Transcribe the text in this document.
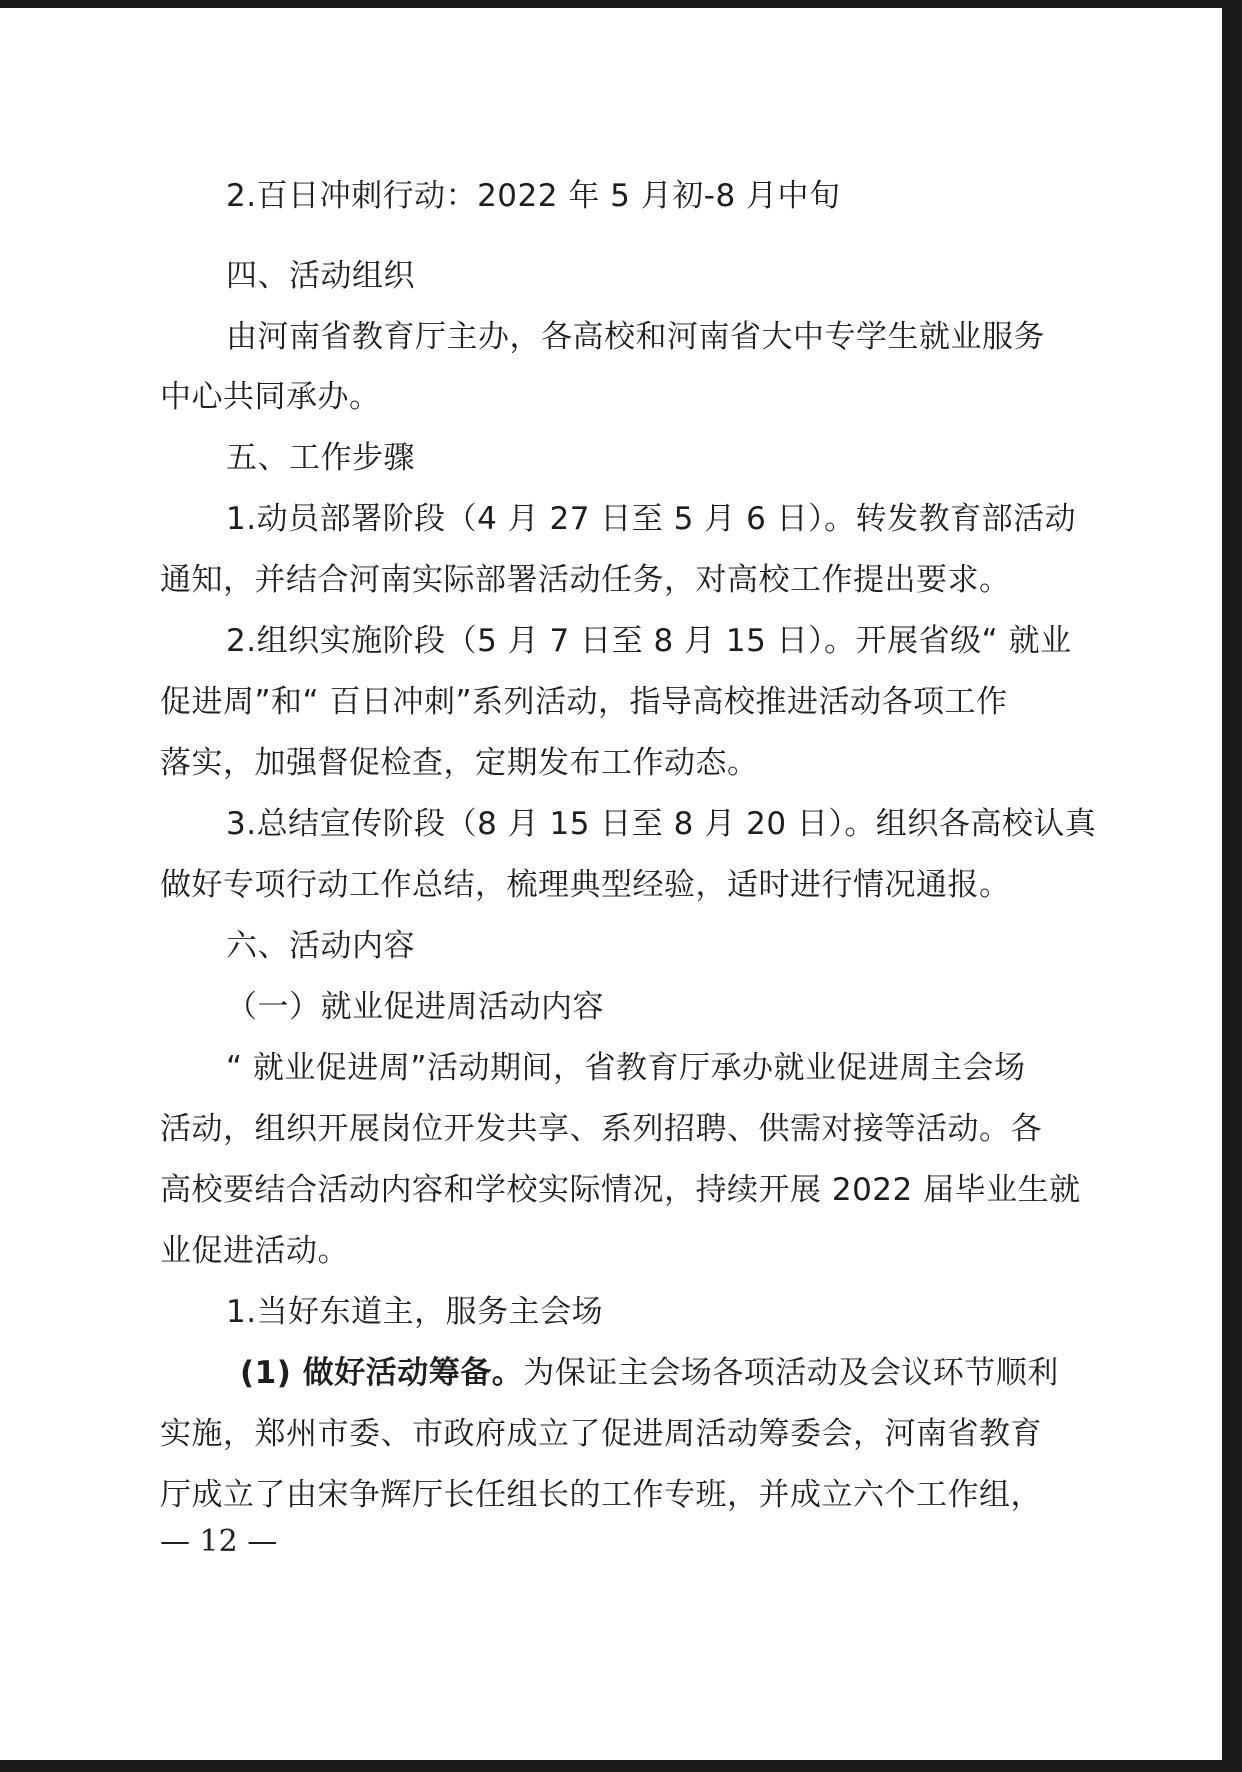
2.百日冲刺行动：2022 年 5 月初-8 月中旬
四、活动组织
由河南省教育厅主办，各高校和河南省大中专学生就业服务
中心共同承办。
五、工作步骤
1.动员部署阶段（4 月 27 日至 5 月 6 日）。转发教育部活动
通知，并结合河南实际部署活动任务，对高校工作提出要求。
2.组织实施阶段（5 月 7 日至 8 月 15 日）。开展省级“ 就业
促进周”和“ 百日冲刺”系列活动，指导高校推进活动各项工作
落实，加强督促检查，定期发布工作动态。
3.总结宣传阶段（8 月 15 日至 8 月 20 日）。组织各高校认真
做好专项行动工作总结，梳理典型经验，适时进行情况通报。
六、活动内容
（一）就业促进周活动内容
“ 就业促进周”活动期间，省教育厅承办就业促进周主会场
活动，组织开展岗位开发共享、系列招聘、供需对接等活动。各
高校要结合活动内容和学校实际情况，持续开展 2022 届毕业生就
业促进活动。
1.当好东道主，服务主会场
(1) 做好活动筹备。为保证主会场各项活动及会议环节顺利
实施，郑州市委、市政府成立了促进周活动筹委会，河南省教育
厅成立了由宋争辉厅长任组长的工作专班，并成立六个工作组，
— 12 —
